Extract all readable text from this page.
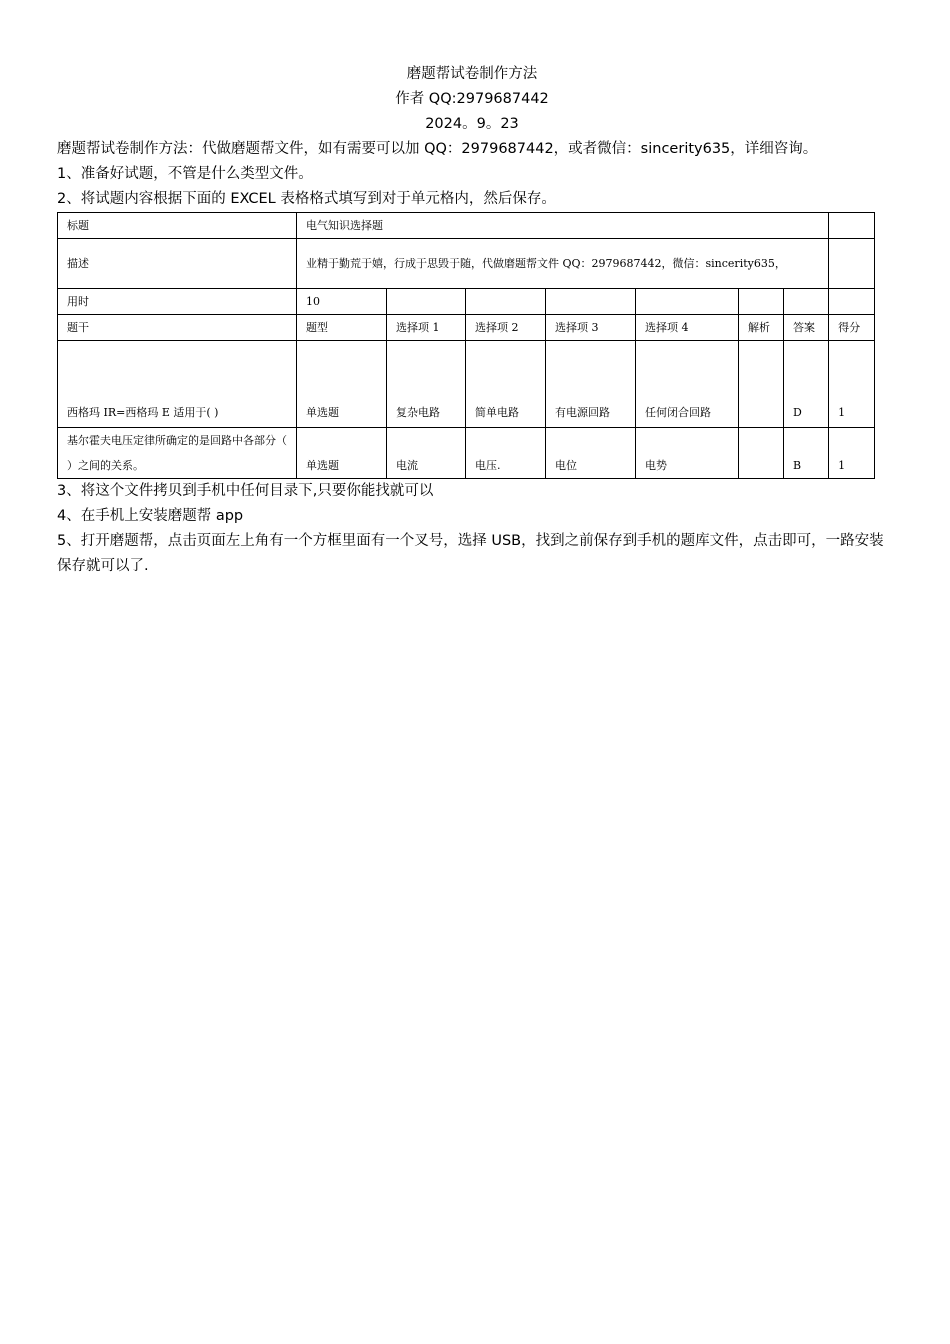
磨题帮试卷制作方法
作者 QQ:2979687442
2024。9。23

磨题帮试卷制作方法：代做磨题帮文件，如有需要可以加 QQ：2979687442，或者微信：sincerity635，详细咨询。

1、准备好试题，不管是什么类型文件。

2、将试题内容根据下面的 EXCEL 表格格式填写到对于单元格内，然后保存。

标题	电气知识选择题							
描述	业精于勤荒于嬉，行成于思毁于随，代做磨题帮文件 QQ：2979687442，微信：sincerity635，							
用时	10							
题干	题型	选择项 1	选择项 2	选择项 3	选择项 4	解析	答案	得分
西格玛 IR=西格玛 E 适用于( )	单选题	复杂电路	简单电路	有电源回路	任何闭合回路		D	1
基尔霍夫电压定律所确定的是回路中各部分（ ）之间的关系。	单选题	电流	电压.	电位	电势		B	1

3、将这个文件拷贝到手机中任何目录下,只要你能找就可以

4、在手机上安装磨题帮 app

5、打开磨题帮，点击页面左上角有一个方框里面有一个叉号，选择 USB，找到之前保存到手机的题库文件，点击即可，一路安装保存就可以了.
